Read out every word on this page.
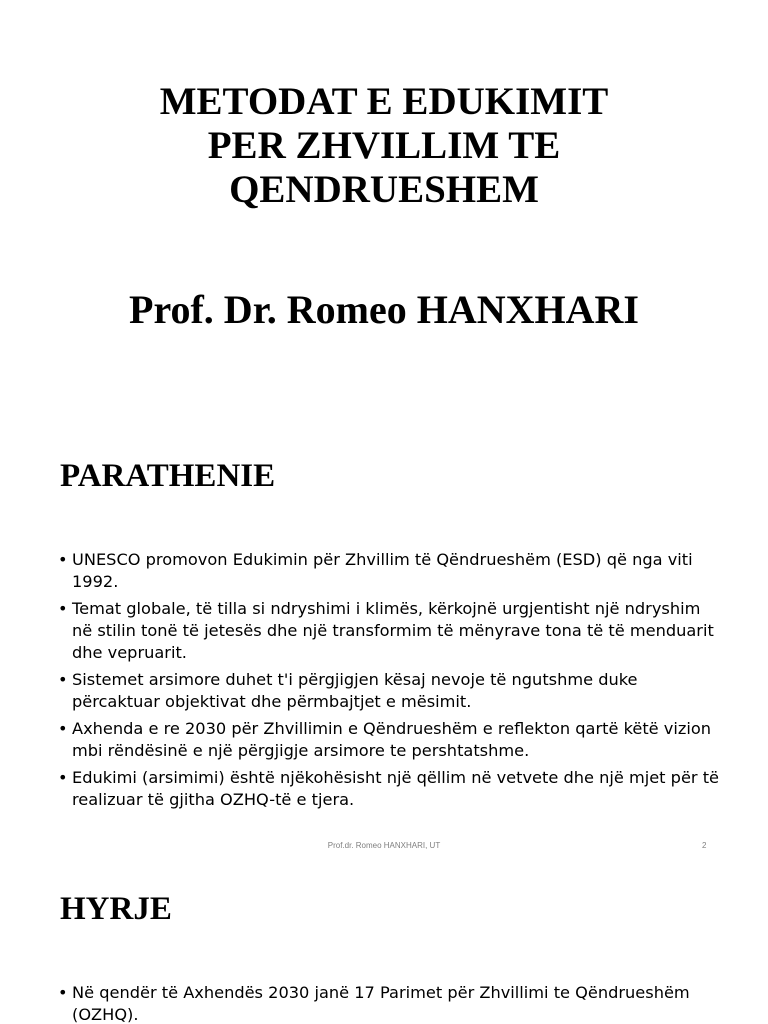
METODAT E EDUKIMIT
PER ZHVILLIM TE
QENDRUESHEM
Prof. Dr. Romeo HANXHARI
PARATHENIE
• UNESCO promovon Edukimin për Zhvillim të Qëndrueshëm (ESD) që nga viti 1992.
• Temat globale, të tilla si ndryshimi i klimës, kërkojnë urgjentisht një ndryshim në stilin tonë të jetesës dhe një transformim të mënyrave tona të të menduarit dhe vepruarit.
• Sistemet arsimore duhet t'i përgjigjen kësaj nevoje të ngutshme duke përcaktuar objektivat dhe përmbajtjet e mësimit.
• Axhenda e re 2030 për Zhvillimin e Qëndrueshëm e reflekton qartë këtë vizion mbi rëndësinë e një përgjigje arsimore te pershtatshme.
• Edukimi (arsimimi) është njëkohësisht një qëllim në vetvete dhe një mjet për të realizuar të gjitha OZHQ-të e tjera.
Prof.dr. Romeo HANXHARI, UT	2
HYRJE
• Në qendër të Axhendës 2030 janë 17 Parimet për Zhvillimi te Qëndrueshëm (OZHQ).
